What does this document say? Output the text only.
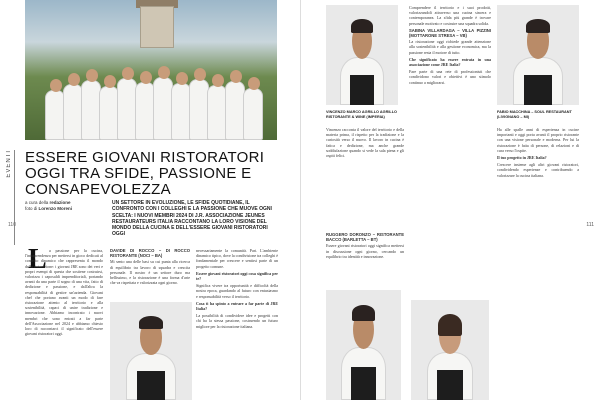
EVENTI
110
ESSERE GIOVANI RISTORATORI OGGI TRA SFIDE, PASSIONE E CONSAPEVOLEZZA
a cura della redazione
foto di Lorenzo Moreni
UN SETTORE IN EVOLUZIONE, LE SFIDE QUOTIDIANE, IL CONFRONTO CON I COLLEGHI E LA PASSIONE CHE MUOVE OGNI SCELTA: I NUOVI MEMBRI 2024 DI J.R. ASSOCIAZIONE JEUNES RESTAURATEURS ITALIA RACCONTANO LA LORO VISIONE DEL MONDO DELLA CUCINA E DELL'ESSERE GIOVANI RISTORATORI OGGI
L a passione per la cucina, l'intraprendenza per mettersi in gioco dedicati al contesto dinamico che rappresenta il mondo della ristorazione: i giovani JRE sono dei veri e propri esempi di questa che sostiene costruirsi, valorizza i caposaldi imprenditoriali, portando avanti da una parte il sogno di una vita, fatto di dedizione e passione, e dall'altra la responsabilità di gestire un'azienda. Giovani chef che portano avanti un modo di fare ristorazione attento al territorio e alla sostenibilità, capaci di unire tradizione e innovazione. Abbiamo incontrato i nuovi membri che sono entrati a far parte dell'Associazione nel 2024 e abbiamo chiesto loro di raccontarci il significato dell'essere giovani ristoratori oggi.

DAVIDE DI ROCCO – DI ROCCO RISTORANTE (NOCI – BA)

Mi sento una delle basi su cui punta alla ricerca di equilibrio tra lavoro di squadra e crescita personale. Il nostro è un settore duro ma bellissimo, e la ristorazione è una forma d'arte che va rispettata e valorizzata ogni giorno.

necessariamente la comunità. Pari. L'ambiente dinamico tipico, dove la condivisione tra colleghi è fondamentale per crescere e sentirsi parte di un progetto comune.

Essere giovani ristoratori oggi cosa significa per te?

Significa vivere tra opportunità e difficoltà della nostra epoca, guardando al futuro con entusiasmo e responsabilità verso il territorio.

Cosa ti ha spinto a entrare a far parte di JRE Italia?

La possibilità di condividere idee e progetti con chi ha la stessa passione, costruendo un futuro migliore per la ristorazione italiana.

VINCENZO MARCO AGRILLO AGRILLO RISTORANTE & WINE (IMPERIA)

Vincenzo racconta il valore del territorio e della materia prima, il rispetto per la tradizione e la curiosità verso il nuovo. Il lavoro in cucina è fatica e dedizione, ma anche grande soddisfazione quando si vede la sala piena e gli ospiti felici.

RUGGERO DORONZO – RISTORANTE BACCO (BARLETTA – BT)

Essere giovani ristoratori oggi significa mettersi in discussione ogni giorno, cercando un equilibrio tra identità e innovazione.

Comprendere il territorio e i suoi prodotti, valorizzandoli attraverso una cucina sincera e contemporanea. La sfida più grande è trovare personale motivato e costruire una squadra solida.

SABINA VILLARDAGA – VILLA PIZZINI (MOTTARONE STRESA – VB)

La ristorazione oggi richiede grande attenzione alla sostenibilità e alla gestione economica, ma la passione resta il motore di tutto.

Che significato ha essere entrata in una associazione come JRE Italia?

Fare parte di una rete di professionisti che condividono valori e obiettivi è uno stimolo continuo a migliorarsi.

FABIO MACCHINA – SOUL RESTAURANT (LIVIGNANO – MI)

Ha alle spalle anni di esperienza in cucine importanti e oggi porta avanti il proprio ristorante con una visione personale e moderna. Per lui la ristorazione è fatta di persone, di relazioni e di cura verso l'ospite.

Il tuo progetto in JRE Italia?

Crescere insieme agli altri giovani ristoratori, condividendo esperienze e contribuendo a valorizzare la cucina italiana.

111
